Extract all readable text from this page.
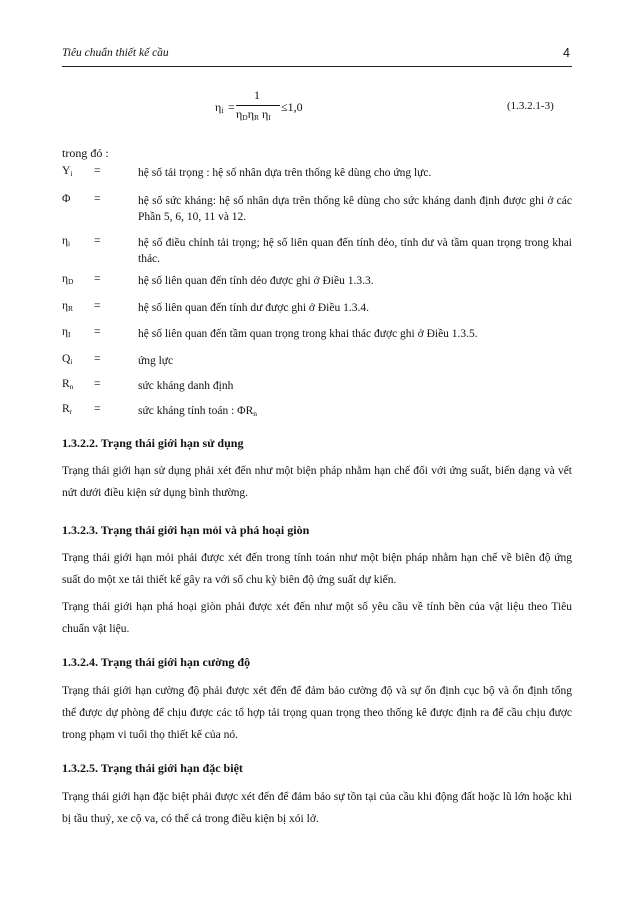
Tiêu chuẩn thiết kế cầu	4
ηi =
1
ηDηR ηI
≤1,0	(1.3.2.1-3)
trong đó :
Yi =	hệ số tải trọng : hệ số nhân dựa trên thống kê dùng cho ứng lực.
Φ =	hệ số sức kháng: hệ số nhân dựa trên thống kê dùng cho sức kháng danh định được ghi ở các Phần 5, 6, 10, 11 và 12.
ηi =	hệ số điều chỉnh tải trọng; hệ số liên quan đến tính dẻo, tính dư và tầm quan trọng trong khai thác.
ηD =	hệ số liên quan đến tính dẻo được ghi ở Điều 1.3.3.
ηR =	hệ số liên quan đến tính dư được ghi ở Điều 1.3.4.
ηI =	hệ số liên quan đến tầm quan trọng trong khai thác được ghi ở Điều 1.3.5.
Qi =	ứng lực
Rn =	sức kháng danh định
Rr =	sức kháng tính toán : ΦRn
1.3.2.2. Trạng thái giới hạn sử dụng
Trạng thái giới hạn sử dụng phải xét đến như một biện pháp nhằm hạn chế đối với ứng suất, biến dạng và vết nứt dưới điều kiện sử dụng bình thường.
1.3.2.3. Trạng thái giới hạn mỏi và phá hoại giòn
Trạng thái giới hạn mỏi phải được xét đến trong tính toán như một biện pháp nhằm hạn chế về biên độ ứng suất do một xe tải thiết kế gây ra với số chu kỳ biên độ ứng suất dự kiến.
Trạng thái giới hạn phá hoại giòn phải được xét đến như một số yêu cầu về tính bền của vật liệu theo Tiêu chuẩn vật liệu.
1.3.2.4. Trạng thái giới hạn cường độ
Trạng thái giới hạn cường độ phải được xét đến để đảm bảo cường độ và sự ổn định cục bộ và ổn định tổng thể được dự phòng để chịu được các tổ hợp tải trọng quan trọng theo thống kê được định ra để cầu chịu được trong phạm vi tuổi thọ thiết kế của nó.
1.3.2.5. Trạng thái giới hạn đặc biệt
Trạng thái giới hạn đặc biệt phải được xét đến để đảm bảo sự tồn tại của cầu khi động đất hoặc lũ lớn hoặc khi bị tầu thuỷ, xe cộ va, có thể cả trong điều kiện bị xói lở.
